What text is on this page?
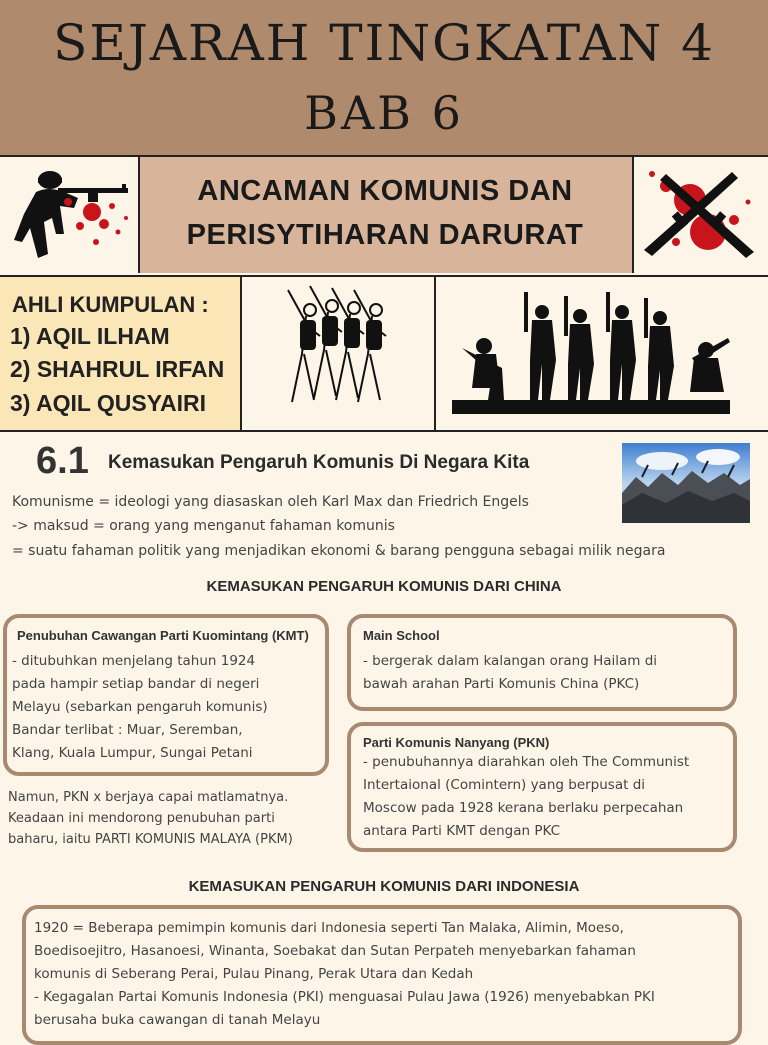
SEJARAH TINGKATAN 4
BAB 6
ANCAMAN KOMUNIS DAN
PERISYTIHARAN DARURAT
AHLI KUMPULAN :
1) AQIL ILHAM
2) SHAHRUL IRFAN
3) AQIL QUSYAIRI
6.1 Kemasukan Pengaruh Komunis Di Negara Kita
Komunisme = ideologi yang diasaskan oleh Karl Max dan Friedrich Engels
-> maksud = orang yang menganut fahaman komunis
= suatu fahaman politik yang menjadikan ekonomi & barang pengguna sebagai milik negara
KEMASUKAN PENGARUH KOMUNIS DARI CHINA
Penubuhan Cawangan Parti Kuomintang (KMT)
- ditubuhkan menjelang tahun 1924
pada hampir setiap bandar di negeri
Melayu (sebarkan pengaruh komunis)
Bandar terlibat : Muar, Seremban,
Klang, Kuala Lumpur, Sungai Petani
Main School
- bergerak dalam kalangan orang Hailam di
bawah arahan Parti Komunis China (PKC)
Parti Komunis Nanyang (PKN)
- penubuhannya diarahkan oleh The Communist
Intertaional (Comintern) yang berpusat di
Moscow pada 1928 kerana berlaku perpecahan
antara Parti KMT dengan PKC
Namun, PKN x berjaya capai matlamatnya.
Keadaan ini mendorong penubuhan parti
baharu, iaitu PARTI KOMUNIS MALAYA (PKM)
KEMASUKAN PENGARUH KOMUNIS DARI INDONESIA
1920 = Beberapa pemimpin komunis dari Indonesia seperti Tan Malaka, Alimin, Moeso,
Boedisoejitro, Hasanoesi, Winanta, Soebakat dan Sutan Perpateh menyebarkan fahaman
komunis di Seberang Perai, Pulau Pinang, Perak Utara dan Kedah
- Kegagalan Partai Komunis Indonesia (PKI) menguasai Pulau Jawa (1926) menyebabkan PKI
berusaha buka cawangan di tanah Melayu
